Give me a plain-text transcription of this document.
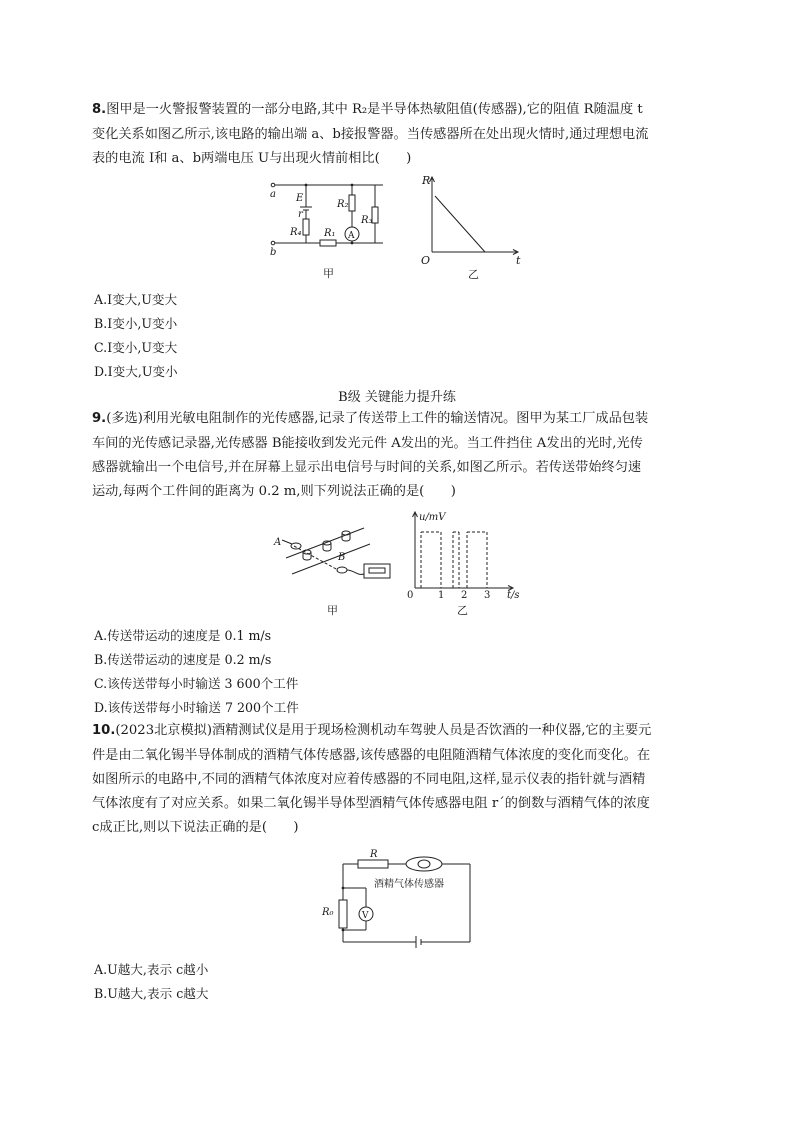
8.图甲是一火警报警装置的一部分电路,其中 R₂是半导体热敏阻值(传感器),它的阻值 R随温度 t
变化关系如图乙所示,该电路的输出端 a、b接报警器。当传感器所在处出现火情时,通过理想电流
表的电流 I和 a、b两端电压 U与出现火情前相比(　　)
a
b
E
r
R₄
R₂
R₃
R₁ A
甲
R
O	t
乙
A.I变大,U变大
B.I变小,U变小
C.I变小,U变大
D.I变大,U变小
B级 关键能力提升练
9.(多选)利用光敏电阻制作的光传感器,记录了传送带上工件的输送情况。图甲为某工厂成品包装
车间的光传感记录器,光传感器 B能接收到发光元件 A发出的光。当工件挡住 A发出的光时,光传
感器就输出一个电信号,并在屏幕上显示出电信号与时间的关系,如图乙所示。若传送带始终匀速
运动,每两个工件间的距离为 0.2 m,则下列说法正确的是(　　)
A
B
甲
u/mV
t/s
0 1 2 3
乙
A.传送带运动的速度是 0.1 m/s
B.传送带运动的速度是 0.2 m/s
C.该传送带每小时输送 3 600个工件
D.该传送带每小时输送 7 200个工件
10.(2023北京模拟)酒精测试仪是用于现场检测机动车驾驶人员是否饮酒的一种仪器,它的主要元
件是由二氧化锡半导体制成的酒精气体传感器,该传感器的电阻随酒精气体浓度的变化而变化。在
如图所示的电路中,不同的酒精气体浓度对应着传感器的不同电阻,这样,显示仪表的指针就与酒精
气体浓度有了对应关系。如果二氧化锡半导体型酒精气体传感器电阻 r´的倒数与酒精气体的浓度
c成正比,则以下说法正确的是(　　)
R
R₀	V
酒精气体传感器
A.U越大,表示 c越小
B.U越大,表示 c越大
